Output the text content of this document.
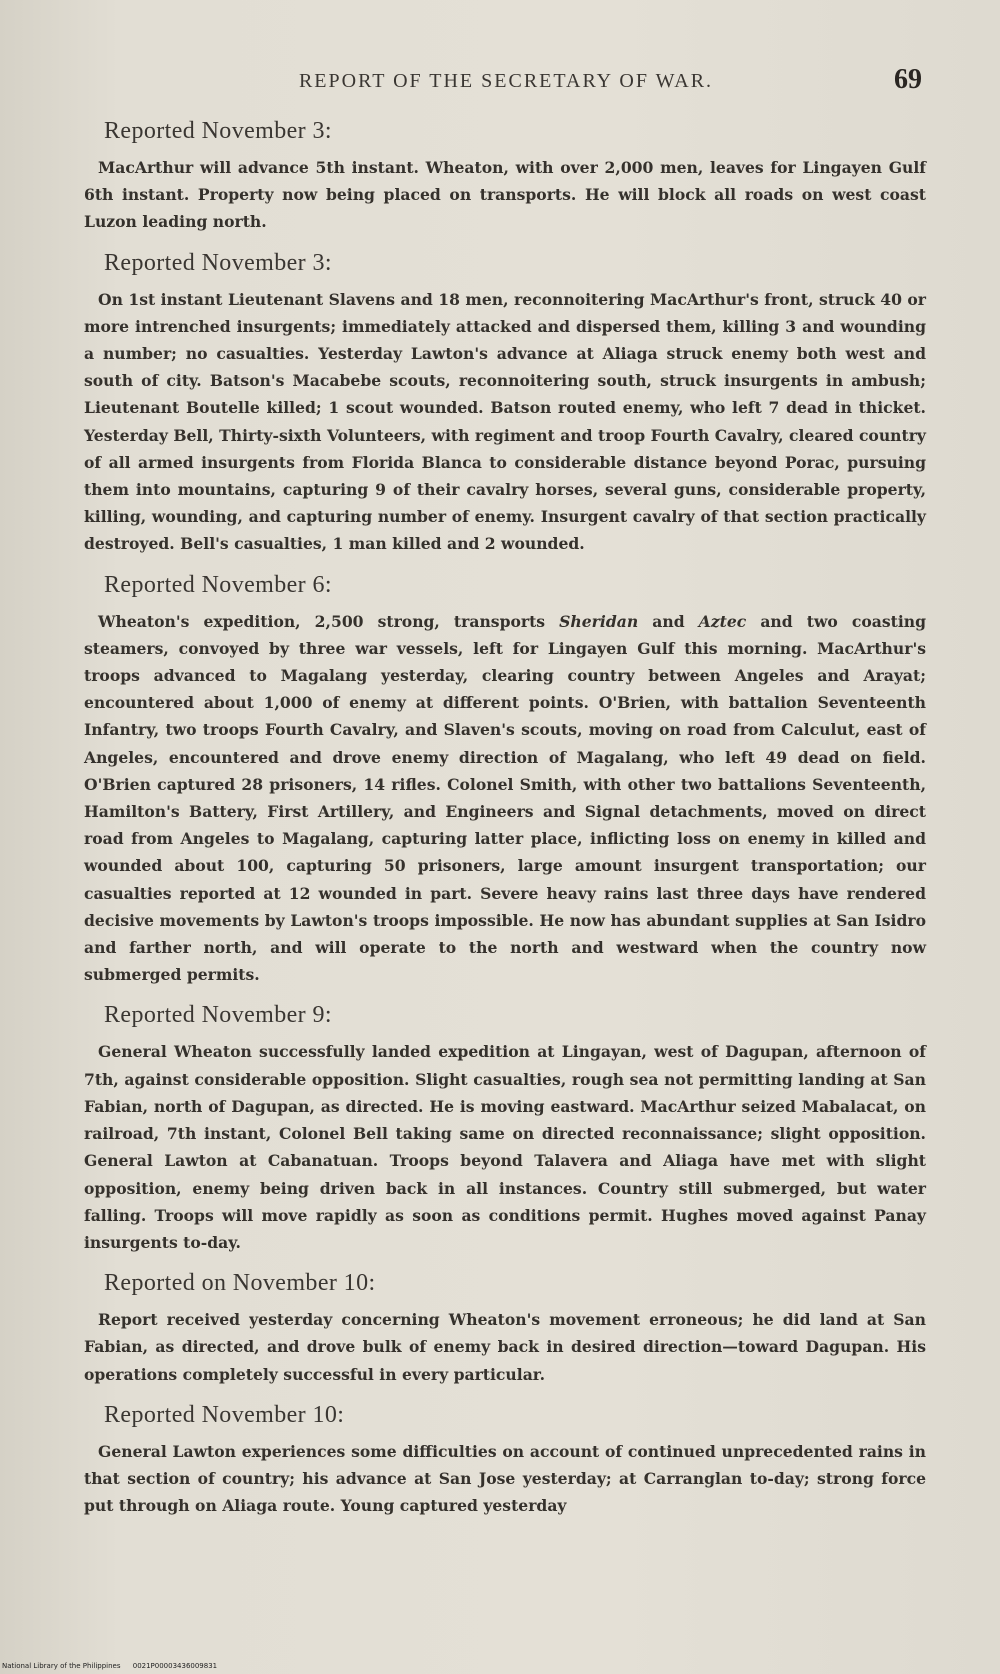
REPORT OF THE SECRETARY OF WAR.	69
Reported November 3:

MacArthur will advance 5th instant. Wheaton, with over 2,000 men, leaves for Lingayen Gulf 6th instant. Property now being placed on transports. He will block all roads on west coast Luzon leading north.

Reported November 3:

On 1st instant Lieutenant Slavens and 18 men, reconnoitering MacArthur's front, struck 40 or more intrenched insurgents; immediately attacked and dispersed them, killing 3 and wounding a number; no casualties. Yesterday Lawton's advance at Aliaga struck enemy both west and south of city. Batson's Macabebe scouts, reconnoitering south, struck insurgents in ambush; Lieutenant Boutelle killed; 1 scout wounded. Batson routed enemy, who left 7 dead in thicket. Yesterday Bell, Thirty-sixth Volunteers, with regiment and troop Fourth Cavalry, cleared country of all armed insurgents from Florida Blanca to considerable distance beyond Porac, pursuing them into mountains, capturing 9 of their cavalry horses, several guns, considerable property, killing, wounding, and capturing number of enemy. Insurgent cavalry of that section practically destroyed. Bell's casualties, 1 man killed and 2 wounded.

Reported November 6:

Wheaton's expedition, 2,500 strong, transports Sheridan and Aztec and two coasting steamers, convoyed by three war vessels, left for Lingayen Gulf this morning. MacArthur's troops advanced to Magalang yesterday, clearing country between Angeles and Arayat; encountered about 1,000 of enemy at different points. O'Brien, with battalion Seventeenth Infantry, two troops Fourth Cavalry, and Slaven's scouts, moving on road from Calculut, east of Angeles, encountered and drove enemy direction of Magalang, who left 49 dead on field. O'Brien captured 28 prisoners, 14 rifles. Colonel Smith, with other two battalions Seventeenth, Hamilton's Battery, First Artillery, and Engineers and Signal detachments, moved on direct road from Angeles to Magalang, capturing latter place, inflicting loss on enemy in killed and wounded about 100, capturing 50 prisoners, large amount insurgent transportation; our casualties reported at 12 wounded in part. Severe heavy rains last three days have rendered decisive movements by Lawton's troops impossible. He now has abundant supplies at San Isidro and farther north, and will operate to the north and westward when the country now submerged permits.

Reported November 9:

General Wheaton successfully landed expedition at Lingayan, west of Dagupan, afternoon of 7th, against considerable opposition. Slight casualties, rough sea not permitting landing at San Fabian, north of Dagupan, as directed. He is moving eastward. MacArthur seized Mabalacat, on railroad, 7th instant, Colonel Bell taking same on directed reconnaissance; slight opposition. General Lawton at Cabanatuan. Troops beyond Talavera and Aliaga have met with slight opposition, enemy being driven back in all instances. Country still submerged, but water falling. Troops will move rapidly as soon as conditions permit. Hughes moved against Panay insurgents to-day.

Reported on November 10:

Report received yesterday concerning Wheaton's movement erroneous; he did land at San Fabian, as directed, and drove bulk of enemy back in desired direction—toward Dagupan. His operations completely successful in every particular.

Reported November 10:

General Lawton experiences some difficulties on account of continued unprecedented rains in that section of country; his advance at San Jose yesterday; at Carranglan to-day; strong force put through on Aliaga route. Young captured yesterday

National Library of the Philippines 0021P00003436009831
